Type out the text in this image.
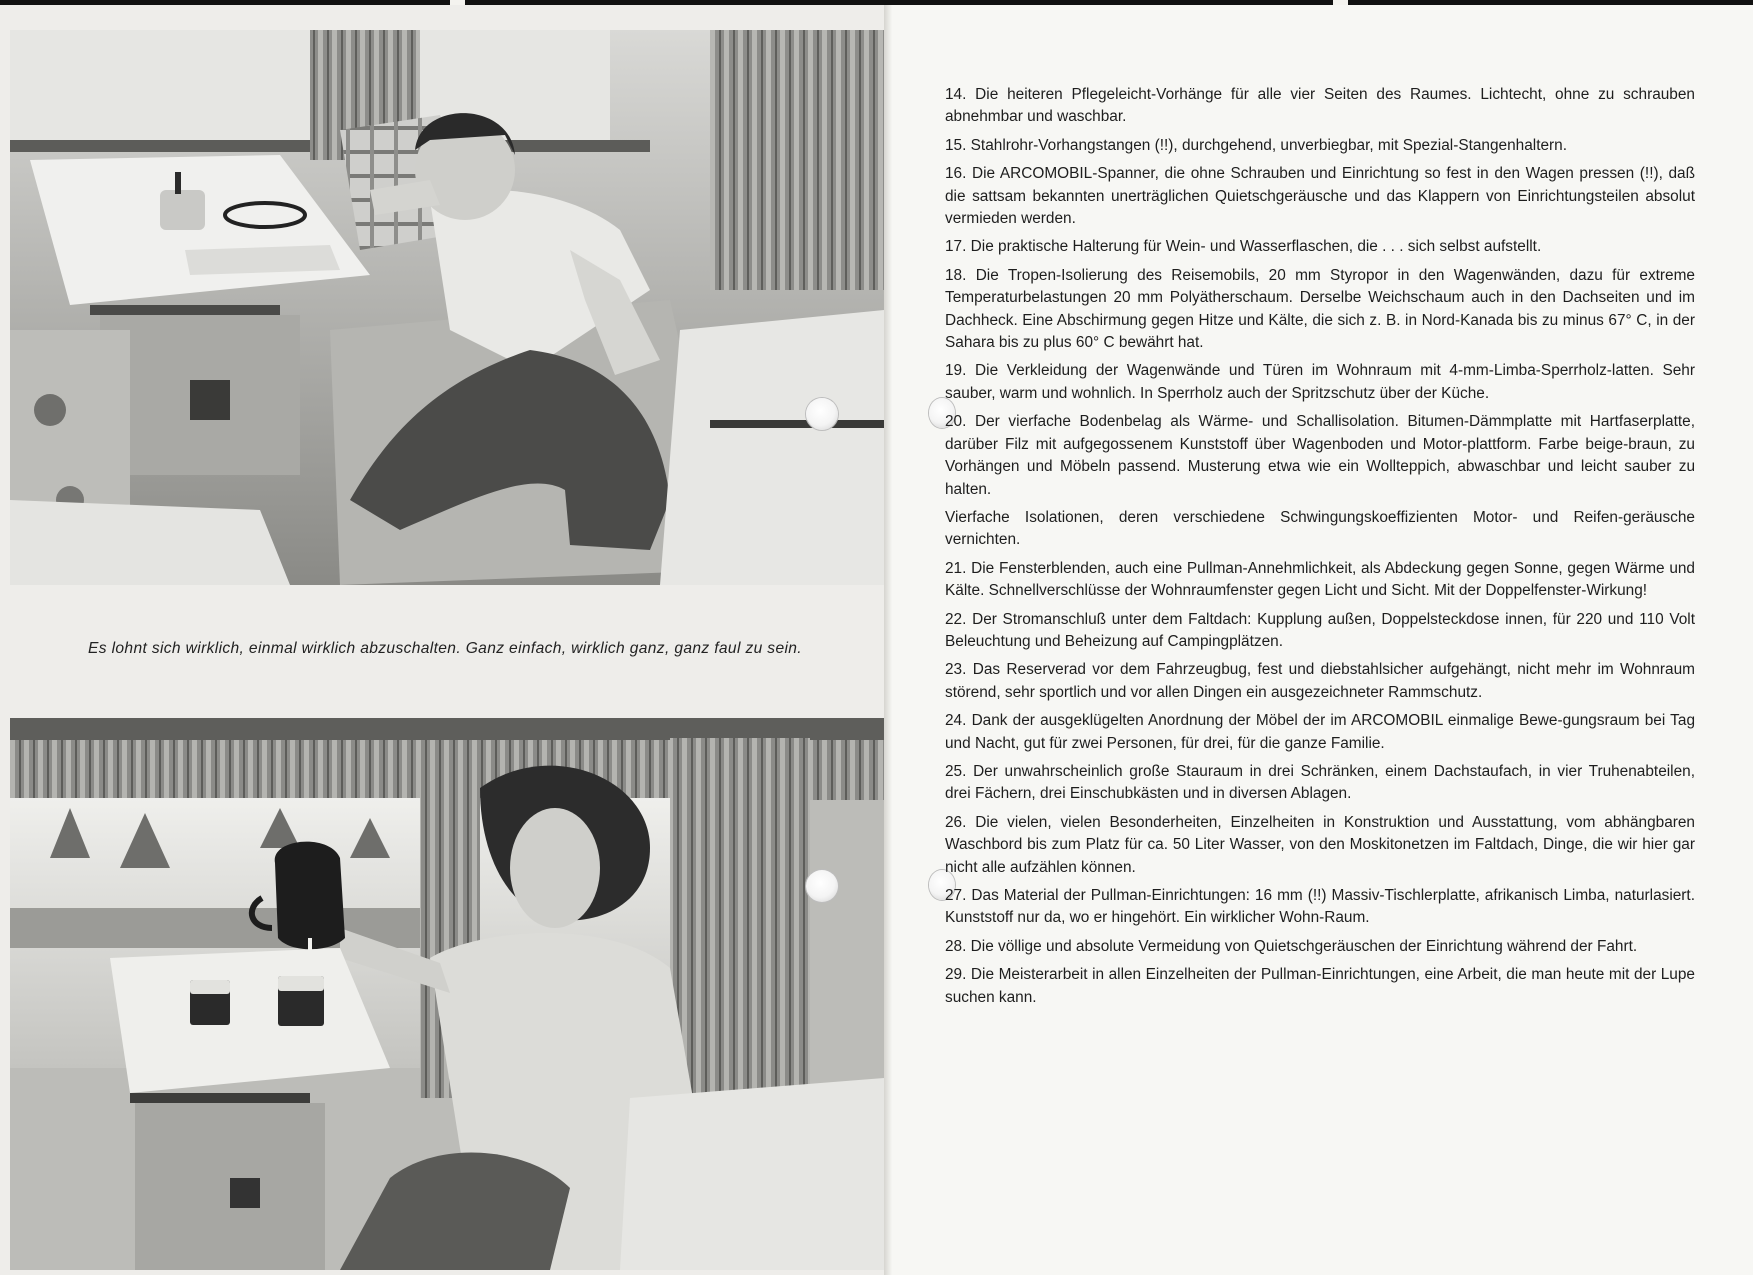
Es lohnt sich wirklich, einmal wirklich abzuschalten. Ganz einfach, wirklich ganz, ganz faul zu sein.

14. Die heiteren Pflegeleicht-Vorhänge für alle vier Seiten des Raumes. Lichtecht, ohne zu schrauben abnehmbar und waschbar.

15. Stahlrohr-Vorhangstangen (!!), durchgehend, unverbiegbar, mit Spezial-Stangenhaltern.

16. Die ARCOMOBIL-Spanner, die ohne Schrauben und Einrichtung so fest in den Wagen pressen (!!), daß die sattsam bekannten unerträglichen Quietschgeräusche und das Klappern von Einrichtungsteilen absolut vermieden werden.

17. Die praktische Halterung für Wein- und Wasserflaschen, die . . . sich selbst aufstellt.

18. Die Tropen-Isolierung des Reisemobils, 20 mm Styropor in den Wagenwänden, dazu für extreme Temperaturbelastungen 20 mm Polyätherschaum. Derselbe Weichschaum auch in den Dachseiten und im Dachheck. Eine Abschirmung gegen Hitze und Kälte, die sich z. B. in Nord-Kanada bis zu minus 67° C, in der Sahara bis zu plus 60° C bewährt hat.

19. Die Verkleidung der Wagenwände und Türen im Wohnraum mit 4-mm-Limba-Sperrholz-latten. Sehr sauber, warm und wohnlich. In Sperrholz auch der Spritzschutz über der Küche.

20. Der vierfache Bodenbelag als Wärme- und Schallisolation. Bitumen-Dämmplatte mit Hartfaserplatte, darüber Filz mit aufgegossenem Kunststoff über Wagenboden und Motor-plattform. Farbe beige-braun, zu Vorhängen und Möbeln passend. Musterung etwa wie ein Wollteppich, abwaschbar und leicht sauber zu halten.

Vierfache Isolationen, deren verschiedene Schwingungskoeffizienten Motor- und Reifen-geräusche vernichten.

21. Die Fensterblenden, auch eine Pullman-Annehmlichkeit, als Abdeckung gegen Sonne, gegen Wärme und Kälte. Schnellverschlüsse der Wohnraumfenster gegen Licht und Sicht. Mit der Doppelfenster-Wirkung!

22. Der Stromanschluß unter dem Faltdach: Kupplung außen, Doppelsteckdose innen, für 220 und 110 Volt Beleuchtung und Beheizung auf Campingplätzen.

23. Das Reserverad vor dem Fahrzeugbug, fest und diebstahlsicher aufgehängt, nicht mehr im Wohnraum störend, sehr sportlich und vor allen Dingen ein ausgezeichneter Rammschutz.

24. Dank der ausgeklügelten Anordnung der Möbel der im ARCOMOBIL einmalige Bewe-gungsraum bei Tag und Nacht, gut für zwei Personen, für drei, für die ganze Familie.

25. Der unwahrscheinlich große Stauraum in drei Schränken, einem Dachstaufach, in vier Truhenabteilen, drei Fächern, drei Einschubkästen und in diversen Ablagen.

26. Die vielen, vielen Besonderheiten, Einzelheiten in Konstruktion und Ausstattung, vom abhängbaren Waschbord bis zum Platz für ca. 50 Liter Wasser, von den Moskitonetzen im Faltdach, Dinge, die wir hier gar nicht alle aufzählen können.

27. Das Material der Pullman-Einrichtungen: 16 mm (!!) Massiv-Tischlerplatte, afrikanisch Limba, naturlasiert. Kunststoff nur da, wo er hingehört. Ein wirklicher Wohn-Raum.

28. Die völlige und absolute Vermeidung von Quietschgeräuschen der Einrichtung während der Fahrt.

29. Die Meisterarbeit in allen Einzelheiten der Pullman-Einrichtungen, eine Arbeit, die man heute mit der Lupe suchen kann.
